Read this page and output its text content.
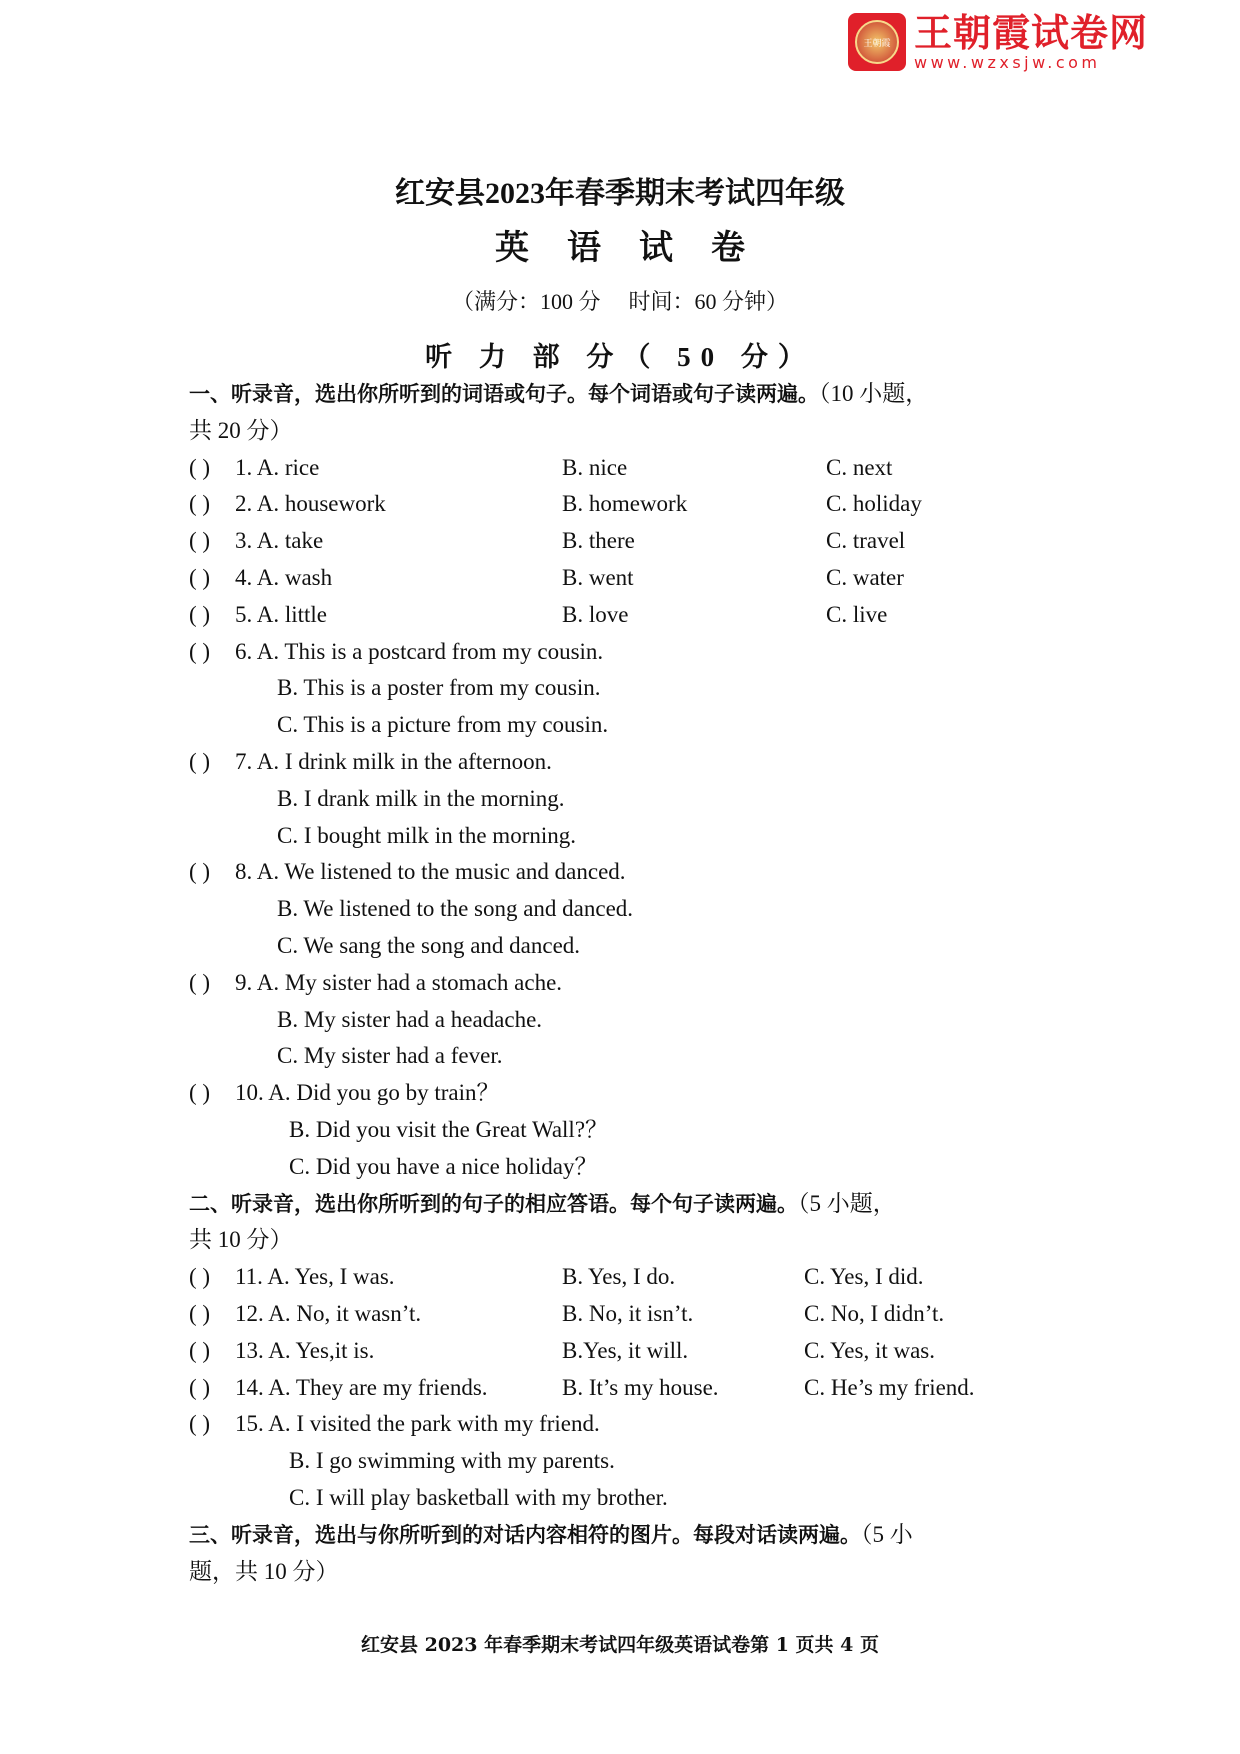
王朝霞 王朝霞试卷网
www.wzxsjw.com
红安县2023年春季期末考试四年级
英语试卷
（满分：100 分 时间：60 分钟）
听 力 部 分（ 50 分）
一、听录音，选出你所听到的词语或句子。每个词语或句子读两遍。（10 小题，
共 20 分）
( ) 1. A. rice	B. nice	C. next
( ) 2. A. housework	B. homework	C. holiday
( ) 3. A. take	B. there	C. travel
( ) 4. A. wash	B. went	C. water
( ) 5. A. little	B. love	C. live
( ) 6. A. This is a postcard from my cousin.
B. This is a poster from my cousin.
C. This is a picture from my cousin.
( ) 7. A. I drink milk in the afternoon.
B. I drank milk in the morning.
C. I bought milk in the morning.
( ) 8. A. We listened to the music and danced.
B. We listened to the song and danced.
C. We sang the song and danced.
( ) 9. A. My sister had a stomach ache.
B. My sister had a headache.
C. My sister had a fever.
( ) 10. A. Did you go by train？
B. Did you visit the Great Wall?？
C. Did you have a nice holiday？
二、听录音，选出你所听到的句子的相应答语。每个句子读两遍。（5 小题，
共 10 分）
( ) 11. A. Yes, I was.	B. Yes, I do.	C. Yes, I did.
( ) 12. A. No, it wasn’t.	B. No, it isn’t.	C. No, I didn’t.
( ) 13. A. Yes,it is.	B.Yes, it will.	C. Yes, it was.
( ) 14. A. They are my friends.	B. It’s my house.	C. He’s my friend.
( ) 15. A. I visited the park with my friend.
B. I go swimming with my parents.
C. I will play basketball with my brother.
三、听录音，选出与你所听到的对话内容相符的图片。每段对话读两遍。（5 小
题，共 10 分）
红安县 2023 年春季期末考试四年级英语试卷第 1 页共 4 页
